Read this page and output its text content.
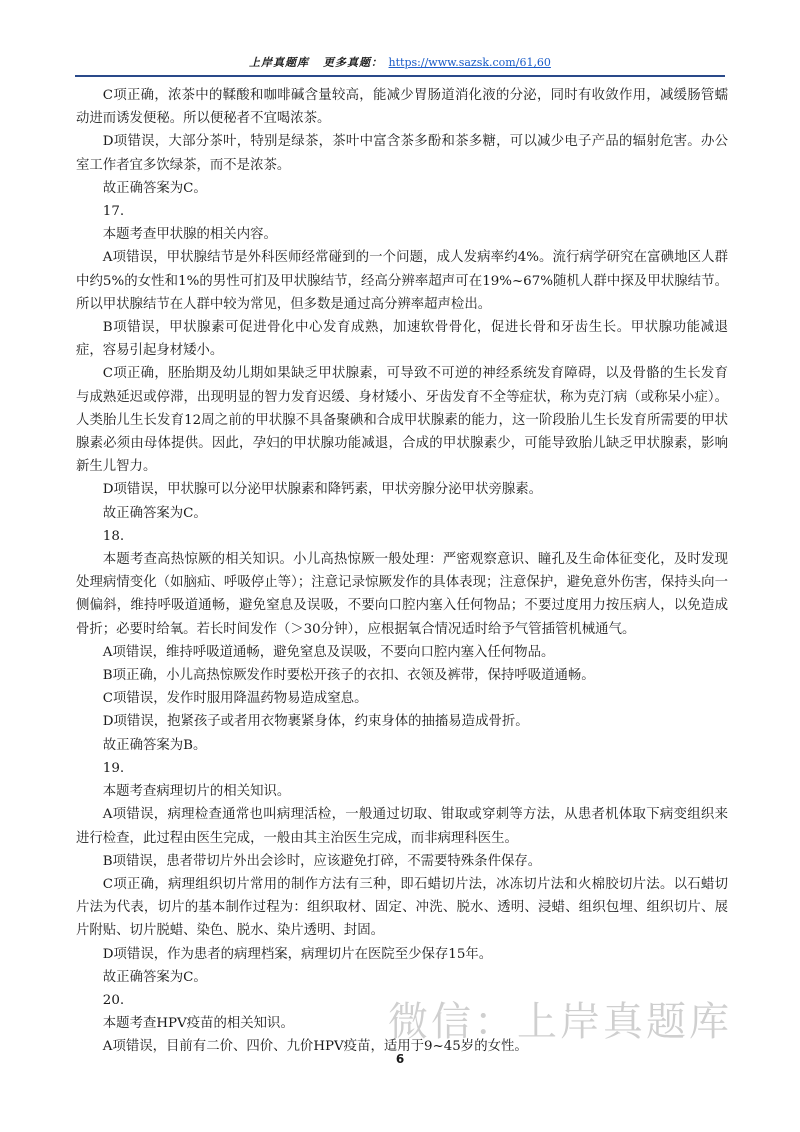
上岸真题库 更多真题： https://www.sazsk.com/61,60

C项正确，浓茶中的鞣酸和咖啡碱含量较高，能减少胃肠道消化液的分泌，同时有收敛作用，减缓肠管蠕动进而诱发便秘。所以便秘者不宜喝浓茶。

D项错误，大部分茶叶，特别是绿茶，茶叶中富含茶多酚和茶多糖，可以减少电子产品的辐射危害。办公室工作者宜多饮绿茶，而不是浓茶。

故正确答案为C。

17.

本题考查甲状腺的相关内容。

A项错误，甲状腺结节是外科医师经常碰到的一个问题，成人发病率约4%。流行病学研究在富碘地区人群中约5%的女性和1%的男性可扪及甲状腺结节，经高分辨率超声可在19%~67%随机人群中探及甲状腺结节。所以甲状腺结节在人群中较为常见，但多数是通过高分辨率超声检出。

B项错误，甲状腺素可促进骨化中心发育成熟，加速软骨骨化，促进长骨和牙齿生长。甲状腺功能减退症，容易引起身材矮小。

C项正确，胚胎期及幼儿期如果缺乏甲状腺素，可导致不可逆的神经系统发育障碍，以及骨骼的生长发育与成熟延迟或停滞，出现明显的智力发育迟缓、身材矮小、牙齿发育不全等症状，称为克汀病（或称呆小症）。人类胎儿生长发育12周之前的甲状腺不具备聚碘和合成甲状腺素的能力，这一阶段胎儿生长发育所需要的甲状腺素必须由母体提供。因此，孕妇的甲状腺功能减退，合成的甲状腺素少，可能导致胎儿缺乏甲状腺素，影响新生儿智力。

D项错误，甲状腺可以分泌甲状腺素和降钙素，甲状旁腺分泌甲状旁腺素。

故正确答案为C。

18.

本题考查高热惊厥的相关知识。小儿高热惊厥一般处理：严密观察意识、瞳孔及生命体征变化，及时发现处理病情变化（如脑疝、呼吸停止等）；注意记录惊厥发作的具体表现；注意保护，避免意外伤害，保持头向一侧偏斜，维持呼吸道通畅，避免窒息及误吸，不要向口腔内塞入任何物品；不要过度用力按压病人，以免造成骨折；必要时给氧。若长时间发作（＞30分钟），应根据氧合情况适时给予气管插管机械通气。

A项错误，维持呼吸道通畅，避免窒息及误吸，不要向口腔内塞入任何物品。

B项正确，小儿高热惊厥发作时要松开孩子的衣扣、衣领及裤带，保持呼吸道通畅。

C项错误，发作时服用降温药物易造成窒息。

D项错误，抱紧孩子或者用衣物裹紧身体，约束身体的抽搐易造成骨折。

故正确答案为B。

19.

本题考查病理切片的相关知识。

A项错误，病理检查通常也叫病理活检，一般通过切取、钳取或穿刺等方法，从患者机体取下病变组织来进行检查，此过程由医生完成，一般由其主治医生完成，而非病理科医生。

B项错误，患者带切片外出会诊时，应该避免打碎，不需要特殊条件保存。

C项正确，病理组织切片常用的制作方法有三种，即石蜡切片法，冰冻切片法和火棉胶切片法。以石蜡切片法为代表，切片的基本制作过程为：组织取材、固定、冲洗、脱水、透明、浸蜡、组织包埋、组织切片、展片附贴、切片脱蜡、染色、脱水、染片透明、封固。

D项错误，作为患者的病理档案，病理切片在医院至少保存15年。

故正确答案为C。

20.

本题考查HPV疫苗的相关知识。

A项错误，目前有二价、四价、九价HPV疫苗，适用于9~45岁的女性。

微信：上岸真题库
6
